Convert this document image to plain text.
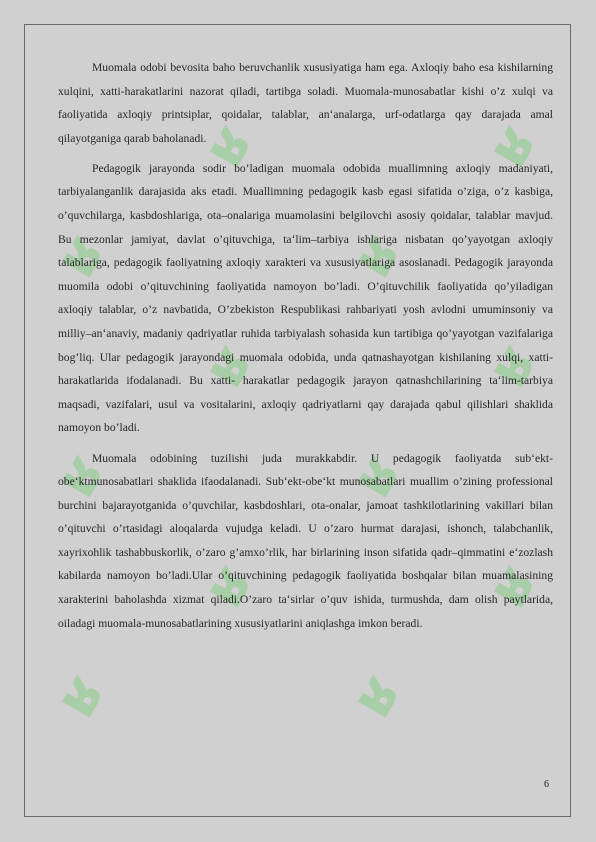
ʁ
ʁ
ʁ
ʁ
ʁ
ʁ
ʁ
ʁ
ʁ
ʁ
ʁ
ʁ

Muomala odobi bevosita baho beruvchanlik xususiyatiga ham ega. Axloqiy baho esa kishilarning xulqini, xatti-harakatlarini nazorat qiladi, tartibga soladi. Muomala-munosabatlar kishi o’z xulqi va faoliyatida axloqiy printsiplar, qoidalar, talablar, an‘analarga, urf-odatlarga qay darajada amal qilayotganiga qarab baholanadi.

Pedagogik jarayonda sodir bo’ladigan muomala odobida muallimning axloqiy madaniyati, tarbiyalanganlik darajasida aks etadi. Muallimning pedagogik kasb egasi sifatida o’ziga, o’z kasbiga, o’quvchilarga, kasbdoshlariga, ota–onalariga muamolasini belgilovchi asosiy qoidalar, talablar mavjud. Bu mezonlar jamiyat, davlat o’qituvchiga, ta‘lim–tarbiya ishlariga nisbatan qo’yayotgan axloqiy talablariga, pedagogik faoliyatning axloqiy xarakteri va xususiyatlariga asoslanadi. Pedagogik jarayonda muomila odobi o’qituvchining faoliyatida namoyon bo’ladi. O’qituvchilik faoliyatida qo’yiladigan axloqiy talablar, o’z navbatida, O’zbekiston Respublikasi rahbariyati yosh avlodni umuminsoniy va milliy–an‘anaviy, madaniy qadriyatlar ruhida tarbiyalash sohasida kun tartibiga qo’yayotgan vazifalariga bog’liq. Ular pedagogik jarayondagi muomala odobida, unda qatnashayotgan kishilaning xulqi, xatti-harakatlarida ifodalanadi. Bu xatti- harakatlar pedagogik jarayon qatnashchilarining ta‘lim-tarbiya maqsadi, vazifalari, usul va vositalarini, axloqiy qadriyatlarni qay darajada qabul qilishlari shaklida namoyon bo’ladi.

Muomala odobining tuzilishi juda murakkabdir. U pedagogik faoliyatda sub‘ekt-obe‘ktmunosabatlari shaklida ifaodalanadi. Sub‘ekt-obe‘kt munosabatlari muallim o’zining professional burchini bajarayotganida o’quvchilar, kasbdoshlari, ota-onalar, jamoat tashkilotlarining vakillari bilan o’qituvchi o’rtasidagi aloqalarda vujudga keladi. U o’zaro hurmat darajasi, ishonch, talabchanlik, xayrixohlik tashabbuskorlik, o’zaro g’amxo’rlik, har birlarining inson sifatida qadr–qimmatini e‘zozlash kabilarda namoyon bo’ladi.Ular o’qituvchining pedagogik faoliyatida boshqalar bilan muamalasining xarakterini baholashda xizmat qiladi.O’zaro ta‘sirlar o’quv ishida, turmushda, dam olish paytlarida, oiladagi muomala-munosabatlarining xususiyatlarini aniqlashga imkon beradi.

6
